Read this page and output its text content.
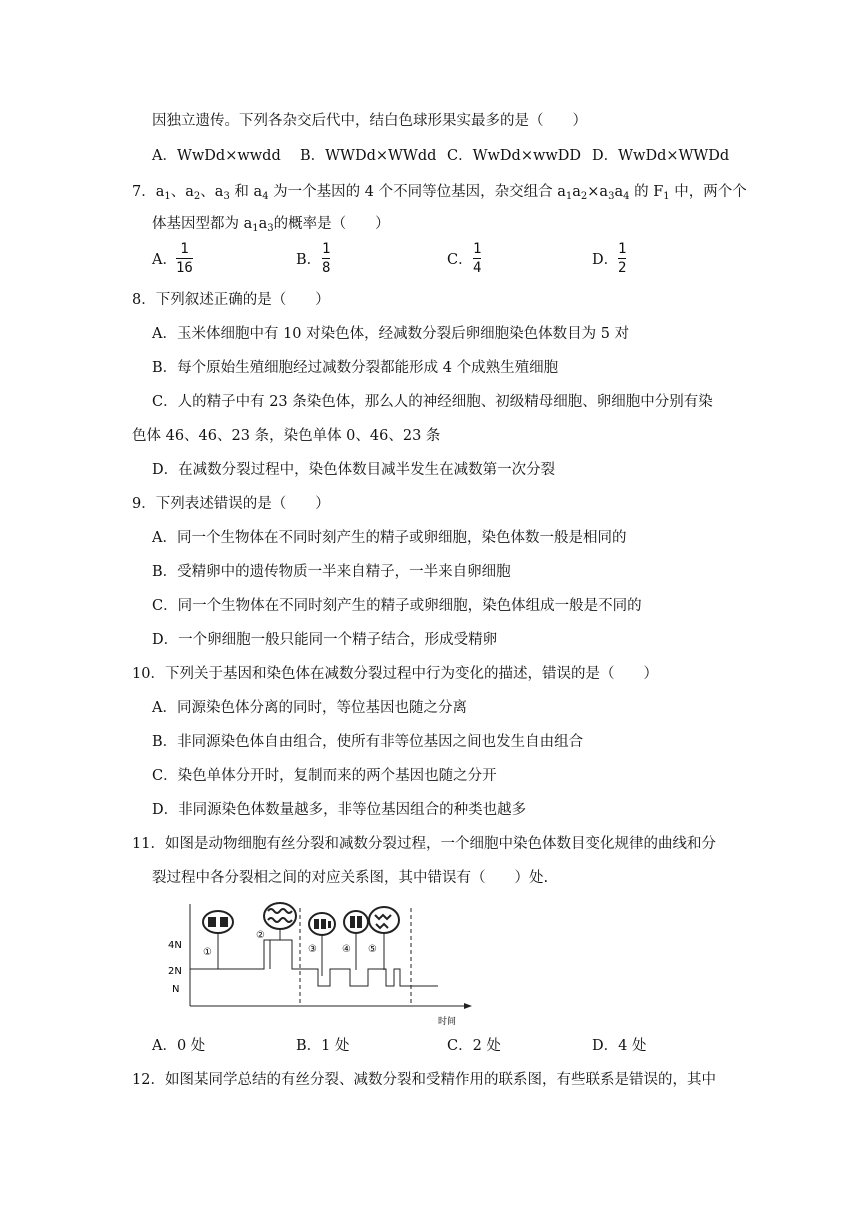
因独立遗传。下列各杂交后代中，结白色球形果实最多的是（　　）
A．WwDd×wwdd B．WWDd×WWdd C．WwDd×wwDD D．WwDd×WWDd
7．$a_1$、$a_2$、$a_3$ 和 $a_4$ 为一个基因的 4 个不同等位基因，杂交组合 $a_1a_2\times a_3a_4$ 的 $F_1$ 中，两个个
体基因型都为 $a_1a_3$的概率是（　　）
A．
1
16	B．
1
8	C．
1
4	D．
1
2
8．下列叙述正确的是（　　）
A．玉米体细胞中有 10 对染色体，经减数分裂后卵细胞染色体数目为 5 对
B．每个原始生殖细胞经过减数分裂都能形成 4 个成熟生殖细胞
C．人的精子中有 23 条染色体，那么人的神经细胞、初级精母细胞、卵细胞中分别有染
色体 46、46、23 条，染色单体 0、46、23 条
D．在减数分裂过程中，染色体数目减半发生在减数第一次分裂
9．下列表述错误的是（　　）
A．同一个生物体在不同时刻产生的精子或卵细胞，染色体数一般是相同的
B．受精卵中的遗传物质一半来自精子，一半来自卵细胞
C．同一个生物体在不同时刻产生的精子或卵细胞，染色体组成一般是不同的
D．一个卵细胞一般只能同一个精子结合，形成受精卵
10．下列关于基因和染色体在减数分裂过程中行为变化的描述，错误的是（　　）
A．同源染色体分离的同时，等位基因也随之分离
B．非同源染色体自由组合，使所有非等位基因之间也发生自由组合
C．染色单体分开时，复制而来的两个基因也随之分开
D．非同源染色体数量越多，非等位基因组合的种类也越多
11．如图是动物细胞有丝分裂和减数分裂过程，一个细胞中染色体数目变化规律的曲线和分
裂过程中各分裂相之间的对应关系图，其中错误有（　　）处.
4N
2N
N
时间
①
②
③	④ ⑤
A．0 处	B．1 处	C．2 处	D．4 处
12．如图某同学总结的有丝分裂、减数分裂和受精作用的联系图，有些联系是错误的，其中
